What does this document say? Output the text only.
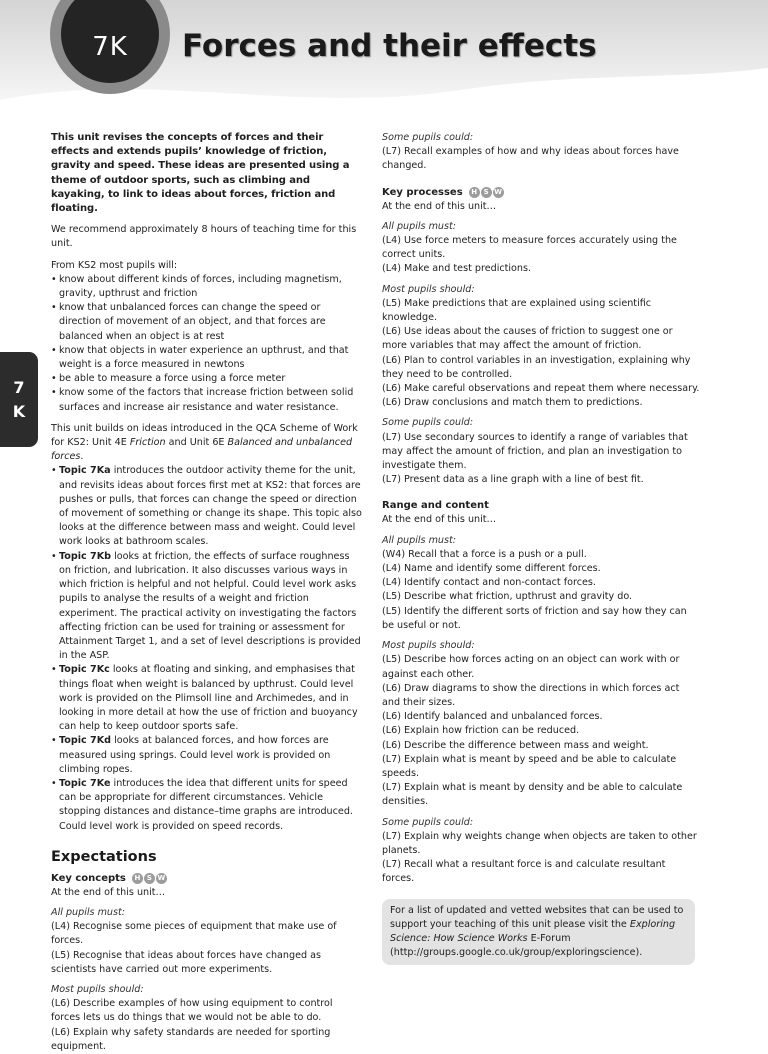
7K Forces and their effects
7
K

This unit revises the concepts of forces and their effects and extends pupils’ knowledge of friction, gravity and speed. These ideas are presented using a theme of outdoor sports, such as climbing and kayaking, to link to ideas about forces, friction and floating.

We recommend approximately 8 hours of teaching time for this unit.

From KS2 most pupils will:

• know about different kinds of forces, including magnetism, gravity, upthrust and friction
• know that unbalanced forces can change the speed or direction of movement of an object, and that forces are balanced when an object is at rest
• know that objects in water experience an upthrust, and that weight is a force measured in newtons
• be able to measure a force using a force meter
• know some of the factors that increase friction between solid surfaces and increase air resistance and water resistance.

This unit builds on ideas introduced in the QCA Scheme of Work for KS2: Unit 4E Friction and Unit 6E Balanced and unbalanced forces.

• Topic 7Ka introduces the outdoor activity theme for the unit, and revisits ideas about forces first met at KS2: that forces are pushes or pulls, that forces can change the speed or direction of movement of something or change its shape. This topic also looks at the difference between mass and weight. Could level work looks at bathroom scales.
• Topic 7Kb looks at friction, the effects of surface roughness on friction, and lubrication. It also discusses various ways in which friction is helpful and not helpful. Could level work asks pupils to analyse the results of a weight and friction experiment. The practical activity on investigating the factors affecting friction can be used for training or assessment for Attainment Target 1, and a set of level descriptions is provided in the ASP.
• Topic 7Kc looks at floating and sinking, and emphasises that things float when weight is balanced by upthrust. Could level work is provided on the Plimsoll line and Archimedes, and in looking in more detail at how the use of friction and buoyancy can help to keep outdoor sports safe.
• Topic 7Kd looks at balanced forces, and how forces are measured using springs. Could level work is provided on climbing ropes.
• Topic 7Ke introduces the idea that different units for speed can be appropriate for different circumstances. Vehicle stopping distances and distance–time graphs are introduced. Could level work is provided on speed records.
Expectations
Key concepts	H S W

At the end of this unit…

All pupils must:

(L4) Recognise some pieces of equipment that make use of forces.

(L5) Recognise that ideas about forces have changed as scientists have carried out more experiments.

Most pupils should:

(L6) Describe examples of how using equipment to control forces lets us do things that we would not be able to do.

(L6) Explain why safety standards are needed for sporting equipment.

Some pupils could:

(L7) Recall examples of how and why ideas about forces have changed.

Key processes	H S W

At the end of this unit…

All pupils must:

(L4) Use force meters to measure forces accurately using the correct units.

(L4) Make and test predictions.

Most pupils should:

(L5) Make predictions that are explained using scientific knowledge.

(L6) Use ideas about the causes of friction to suggest one or more variables that may affect the amount of friction.

(L6) Plan to control variables in an investigation, explaining why they need to be controlled.

(L6) Make careful observations and repeat them where necessary.

(L6) Draw conclusions and match them to predictions.

Some pupils could:

(L7) Use secondary sources to identify a range of variables that may affect the amount of friction, and plan an investigation to investigate them.

(L7) Present data as a line graph with a line of best fit.

Range and content

At the end of this unit…

All pupils must:

(W4) Recall that a force is a push or a pull.

(L4) Name and identify some different forces.

(L4) Identify contact and non-contact forces.

(L5) Describe what friction, upthrust and gravity do.

(L5) Identify the different sorts of friction and say how they can be useful or not.

Most pupils should:

(L5) Describe how forces acting on an object can work with or against each other.

(L6) Draw diagrams to show the directions in which forces act and their sizes.

(L6) Identify balanced and unbalanced forces.

(L6) Explain how friction can be reduced.

(L6) Describe the difference between mass and weight.

(L7) Explain what is meant by speed and be able to calculate speeds.

(L7) Explain what is meant by density and be able to calculate densities.

Some pupils could:

(L7) Explain why weights change when objects are taken to other planets.

(L7) Recall what a resultant force is and calculate resultant forces.

For a list of updated and vetted websites that can be used to support your teaching of this unit please visit the Exploring Science: How Science Works E-Forum (http://groups.google.co.uk/group/exploringscience).
